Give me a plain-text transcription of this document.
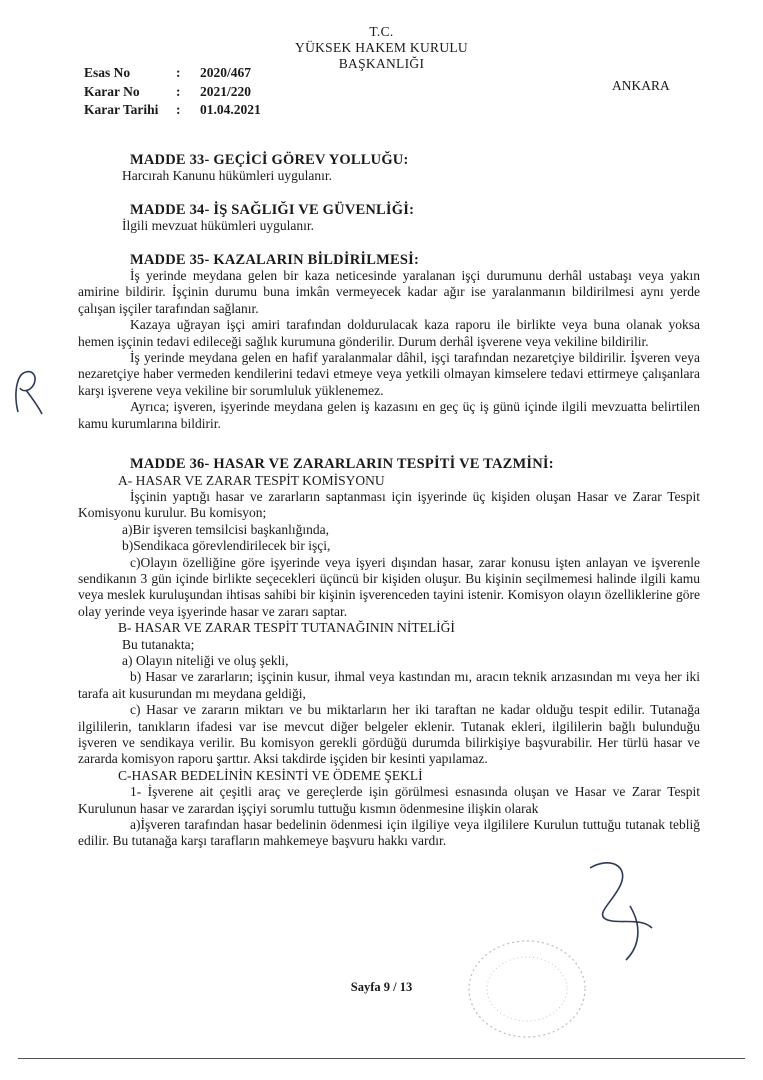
T.C.
YÜKSEK HAKEM KURULU
BAŞKANLIĞI
Esas No	:	2020/467
Karar No	:	2021/220
Karar Tarihi	:	01.04.2021
ANKARA
MADDE 33- GEÇİCİ GÖREV YOLLUĞU:

Harcırah Kanunu hükümleri uygulanır.

MADDE 34- İŞ SAĞLIĞI VE GÜVENLİĞİ:

İlgili mevzuat hükümleri uygulanır.

MADDE 35- KAZALARIN BİLDİRİLMESİ:

İş yerinde meydana gelen bir kaza neticesinde yaralanan işçi durumunu derhâl ustabaşı veya yakın amirine bildirir. İşçinin durumu buna imkân vermeyecek kadar ağır ise yaralanmanın bildirilmesi aynı yerde çalışan işçiler tarafından sağlanır.

Kazaya uğrayan işçi amiri tarafından doldurulacak kaza raporu ile birlikte veya buna olanak yoksa hemen işçinin tedavi edileceği sağlık kurumuna gönderilir. Durum derhâl işverene veya vekiline bildirilir.

İş yerinde meydana gelen en hafif yaralanmalar dâhil, işçi tarafından nezaretçiye bildirilir. İşveren veya nezaretçiye haber vermeden kendilerini tedavi etmeye veya yetkili olmayan kimselere tedavi ettirmeye çalışanlara karşı işverene veya vekiline bir sorumluluk yüklenemez.

Ayrıca; işveren, işyerinde meydana gelen iş kazasını en geç üç iş günü içinde ilgili mevzuatta belirtilen kamu kurumlarına bildirir.

MADDE 36- HASAR VE ZARARLARIN TESPİTİ VE TAZMİNİ:
A- HASAR VE ZARAR TESPİT KOMİSYONU

İşçinin yaptığı hasar ve zararların saptanması için işyerinde üç kişiden oluşan Hasar ve Zarar Tespit Komisyonu kurulur. Bu komisyon;

a)Bir işveren temsilcisi başkanlığında,

b)Sendikaca görevlendirilecek bir işçi,

c)Olayın özelliğine göre işyerinde veya işyeri dışından hasar, zarar konusu işten anlayan ve işverenle sendikanın 3 gün içinde birlikte seçecekleri üçüncü bir kişiden oluşur. Bu kişinin seçilmemesi halinde ilgili kamu veya meslek kuruluşundan ihtisas sahibi bir kişinin işverenceden tayini istenir. Komisyon olayın özelliklerine göre olay yerinde veya işyerinde hasar ve zararı saptar.

B- HASAR VE ZARAR TESPİT TUTANAĞININ NİTELİĞİ

Bu tutanakta;

a) Olayın niteliği ve oluş şekli,

b) Hasar ve zararların; işçinin kusur, ihmal veya kastından mı, aracın teknik arızasından mı veya her iki tarafa ait kusurundan mı meydana geldiği,

c) Hasar ve zararın miktarı ve bu miktarların her iki taraftan ne kadar olduğu tespit edilir. Tutanağa ilgililerin, tanıkların ifadesi var ise mevcut diğer belgeler eklenir. Tutanak ekleri, ilgililerin bağlı bulunduğu işveren ve sendikaya verilir. Bu komisyon gerekli gördüğü durumda bilirkişiye başvurabilir. Her türlü hasar ve zararda komisyon raporu şarttır. Aksi takdirde işçiden bir kesinti yapılamaz.

C-HASAR BEDELİNİN KESİNTİ VE ÖDEME ŞEKLİ

1- İşverene ait çeşitli araç ve gereçlerde işin görülmesi esnasında oluşan ve Hasar ve Zarar Tespit Kurulunun hasar ve zarardan işçiyi sorumlu tuttuğu kısmın ödenmesine ilişkin olarak

a)İşveren tarafından hasar bedelinin ödenmesi için ilgiliye veya ilgililere Kurulun tuttuğu tutanak tebliğ edilir. Bu tutanağa karşı tarafların mahkemeye başvuru hakkı vardır.

Sayfa 9 / 13
